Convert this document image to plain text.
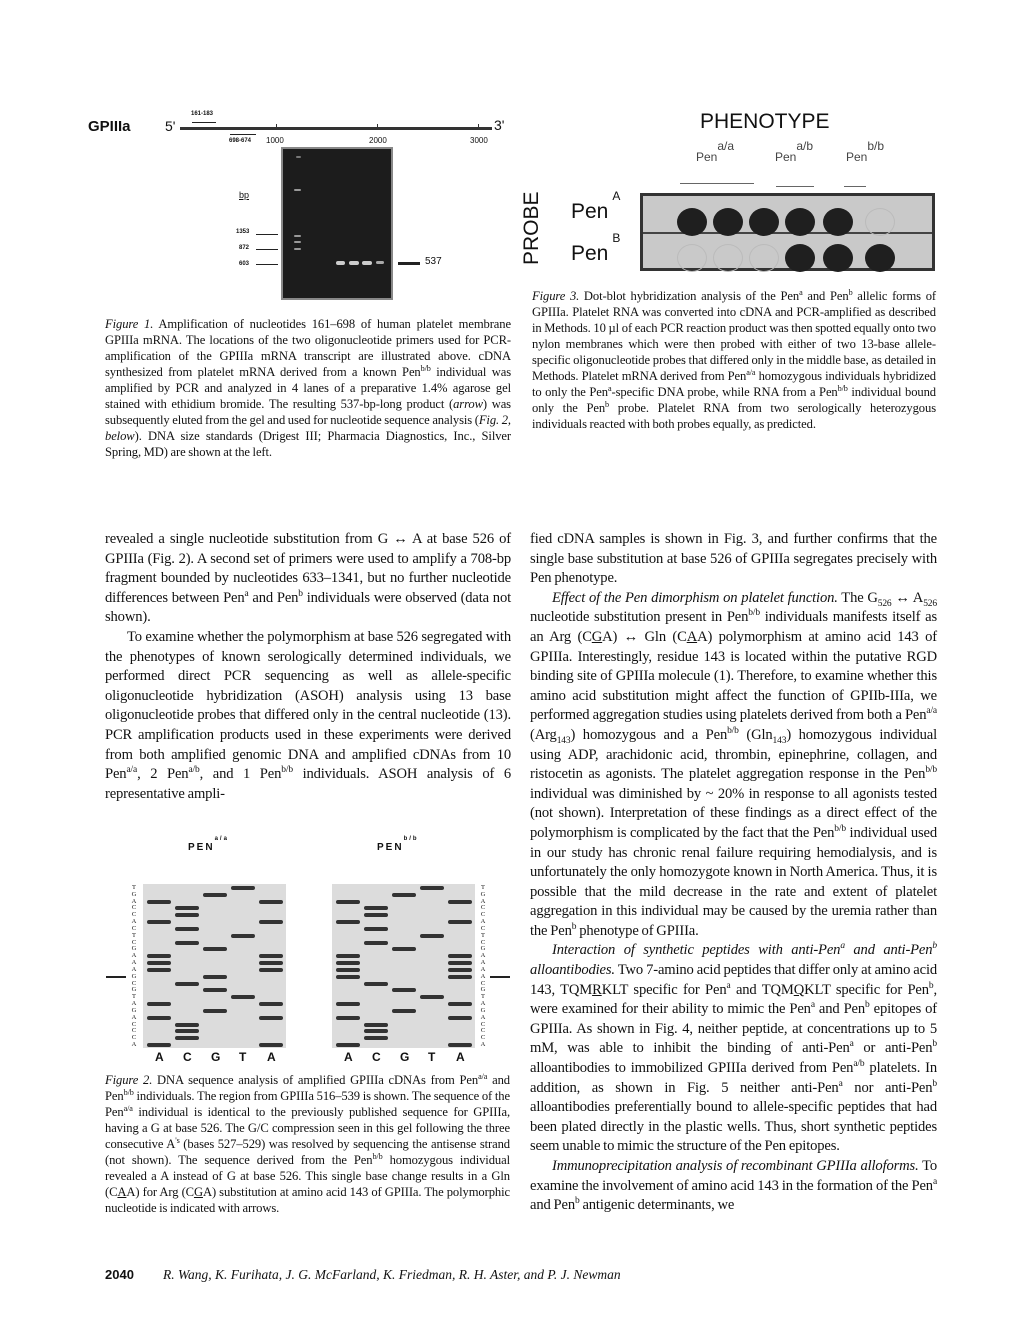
GPIIIa 5'	3'
161-183
698-674 1000	2000	3000
bp
1353
872
603	537
Figure 1. Amplification of nucleotides 161–698 of human platelet membrane GPIIIa mRNA. The locations of the two oligonucleotide primers used for PCR-amplification of the GPIIIa mRNA transcript are illustrated above. cDNA synthesized from platelet mRNA derived from a known Pen$^{b/b}$ individual was amplified by PCR and analyzed in 4 lanes of a preparative 1.4% agarose gel stained with ethidium bromide. The resulting 537-bp-long product (arrow) was subsequently eluted from the gel and used for nucleotide sequence analysis (Fig. 2, below). DNA size standards (Drigest III; Pharmacia Diagnostics, Inc., Silver Spring, MD) are shown at the left.
PHENOTYPE
Pen$^{a/a}$
Pen$^{a/b}$
Pen$^{b/b}$
PROBE Pen$^A$
Pen$^B$
Figure 3. Dot-blot hybridization analysis of the Pen$^a$ and Pen$^b$ allelic forms of GPIIIa. Platelet RNA was converted into cDNA and PCR-amplified as described in Methods. 10 µl of each PCR reaction product was then spotted equally onto two nylon membranes which were then probed with either of two 13-base allele-specific oligonucleotide probes that differed only in the middle base, as detailed in Methods. Platelet mRNA derived from Pen$^{a/a}$ homozygous individuals hybridized to only the Pen$^a$-specific DNA probe, while RNA from a Pen$^{b/b}$ individual bound only the Pen$^b$ probe. Platelet RNA from two serologically heterozygous individuals reacted with both probes equally, as predicted.

revealed a single nucleotide substitution from G ↔ A at base 526 of GPIIIa (Fig. 2). A second set of primers were used to amplify a 708-bp fragment bounded by nucleotides 633–1341, but no further nucleotide differences between Pen$^a$ and Pen$^b$ individuals were observed (data not shown).

To examine whether the polymorphism at base 526 segregated with the phenotypes of known serologically determined individuals, we performed direct PCR sequencing as well as allele-specific oligonucleotide hybridization (ASOH) analysis using 13 base oligonucleotide probes that differed only in the central nucleotide (13). PCR amplification products used in these experiments were derived from both amplified genomic DNA and amplified cDNAs from 10 Pen$^{a/a}$, 2 Pen$^{a/b}$, and 1 Pen$^{b/b}$ individuals. ASOH analysis of 6 representative ampli-

fied cDNA samples is shown in Fig. 3, and further confirms that the single base substitution at base 526 of GPIIIa segregates precisely with Pen phenotype.

Effect of the Pen dimorphism on platelet function. The $G_{526}$ ↔ $A_{526}$ nucleotide substitution present in Pen$^{b/b}$ individuals manifests itself as an Arg (CGA) ↔ Gln (CAA) polymorphism at amino acid 143 of GPIIIa. Interestingly, residue 143 is located within the putative RGD binding site of GPIIIa molecule (1). Therefore, to examine whether this amino acid substitution might affect the function of GPIIb-IIIa, we performed aggregation studies using platelets derived from both a Pen$^{a/a}$ (Arg$_{143}$) homozygous and a Pen$^{b/b}$ (Gln$_{143}$) homozygous individual using ADP, arachidonic acid, thrombin, epinephrine, collagen, and ristocetin as agonists. The platelet aggregation response in the Pen$^{b/b}$ individual was diminished by ~ 20% in response to all agonists tested (not shown). Interpretation of these findings as a direct effect of the polymorphism is complicated by the fact that the Pen$^{b/b}$ individual used in our study has chronic renal failure requiring hemodialysis, and is unfortunately the only homozygote known in North America. Thus, it is possible that the mild decrease in the rate and extent of platelet aggregation in this individual may be caused by the uremia rather than the Pen$^b$ phenotype of GPIIIa.

Interaction of synthetic peptides with anti-Pen$^a$ and anti-Pen$^b$ alloantibodies. Two 7-amino acid peptides that differ only at amino acid 143, TQMRKLT specific for Pen$^a$ and TQMQKLT specific for Pen$^b$, were examined for their ability to mimic the Pen$^a$ and Pen$^b$ epitopes of GPIIIa. As shown in Fig. 4, neither peptide, at concentrations up to 5 mM, was able to inhibit the binding of anti-Pen$^a$ or anti-Pen$^b$ alloantibodies to immobilized GPIIIa derived from Pen$^{a/b}$ platelets. In addition, as shown in Fig. 5 neither anti-Pen$^a$ nor anti-Pen$^b$ alloantibodies preferentially bound to allele-specific peptides that had been plated directly in the plastic wells. Thus, short synthetic peptides seem unable to mimic the structure of the Pen epitopes.

Immunoprecipitation analysis of recombinant GPIIIa alloforms. To examine the involvement of amino acid 143 in the formation of the Pen$^a$ and Pen$^b$ antigenic determinants, we

$PEN^{a/a}$
T
G
A
C
C
A
C
T
C
G
A
A
A
G
C
G
T
A
G
A
C
C
C
A
A C G T A
$PEN^{b/b}$
T
G
A
C
C
A
C
T
C
G
A
A
A
A
C
G
T
A
G
A
C
C
C
A
A C G T A
Figure 2. DNA sequence analysis of amplified GPIIIa cDNAs from Pen$^{a/a}$ and Pen$^{b/b}$ individuals. The region from GPIIIa 516–539 is shown. The sequence of the Pen$^{a/a}$ individual is identical to the previously published sequence for GPIIIa, having a G at base 526. The G/C compression seen in this gel following the three consecutive $A^{'s}$ (bases 527–529) was resolved by sequencing the antisense strand (not shown). The sequence derived from the Pen$^{b/b}$ homozygous individual revealed a A instead of G at base 526. This single base change results in a Gln (CAA) for Arg (CGA) substitution at amino acid 143 of GPIIIa. The polymorphic nucleotide is indicated with arrows.
2040 R. Wang, K. Furihata, J. G. McFarland, K. Friedman, R. H. Aster, and P. J. Newman
